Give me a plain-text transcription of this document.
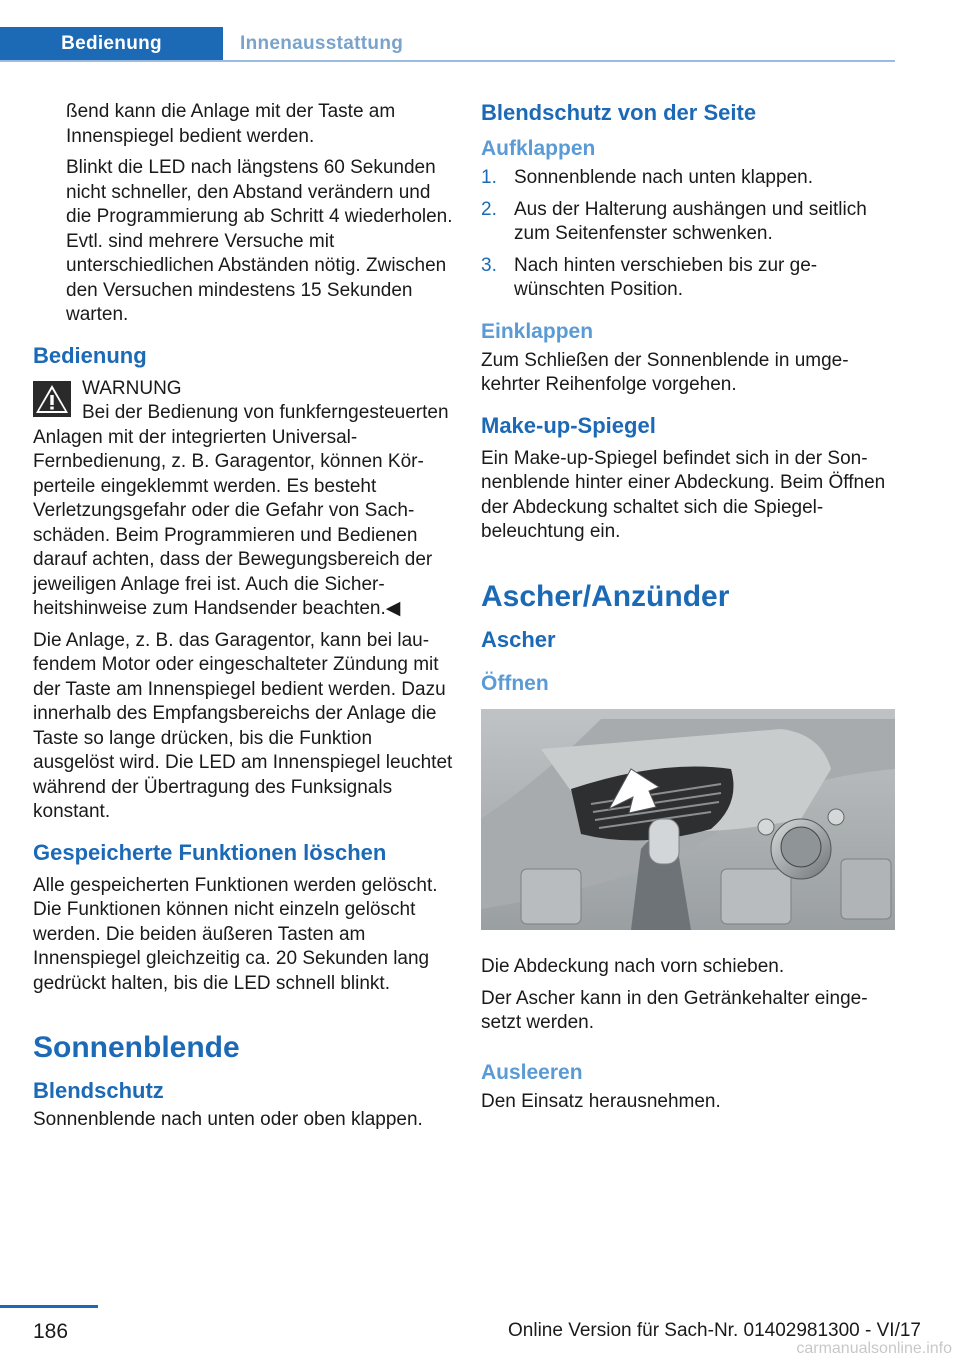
Bedienung	Innenausstattung

ßend kann die Anlage mit der Taste am Innenspiegel bedient werden.

Blinkt die LED nach längstens 60 Sekunden nicht schneller, den Abstand verändern und die Programmierung ab Schritt 4 wiederholen. Evtl. sind mehrere Versuche mit unterschiedlichen Abständen nötig. Zwischen den Versuchen mindestens 15 Sekunden warten.

Bedienung
WARNUNG

Bei der Bedienung von funkferngesteuerten Anlagen mit der integrierten Universal-Fernbedienung, z. B. Garagentor, können Körperteile eingeklemmt werden. Es besteht Verletzungsgefahr oder die Gefahr von Sachschäden. Beim Programmieren und Bedienen darauf achten, dass der Bewegungsbereich der jeweiligen Anlage frei ist. Auch die Sicherheitshinweise zum Handsender beachten.◀

Die Anlage, z. B. das Garagentor, kann bei laufendem Motor oder eingeschalteter Zündung mit der Taste am Innenspiegel bedient werden. Dazu innerhalb des Empfangsbereichs der Anlage die Taste so lange drücken, bis die Funktion ausgelöst wird. Die LED am Innenspiegel leuchtet während der Übertragung des Funksignals konstant.

Gespeicherte Funktionen löschen

Alle gespeicherten Funktionen werden gelöscht. Die Funktionen können nicht einzeln gelöscht werden. Die beiden äußeren Tasten am Innenspiegel gleichzeitig ca. 20 Sekunden lang gedrückt halten, bis die LED schnell blinkt.

Sonnenblende
Blendschutz

Sonnenblende nach unten oder oben klappen.

Blendschutz von der Seite
Aufklappen
1. Sonnenblende nach unten klappen.
2. Aus der Halterung aushängen und seitlich zum Seitenfenster schwenken.
3. Nach hinten verschieben bis zur gewünschten Position.
Einklappen

Zum Schließen der Sonnenblende in umgekehrter Reihenfolge vorgehen.

Make-up-Spiegel

Ein Make-up-Spiegel befindet sich in der Sonnenblende hinter einer Abdeckung. Beim Öffnen der Abdeckung schaltet sich die Spiegelbeleuchtung ein.

Ascher/Anzünder
Ascher
Öffnen

Die Abdeckung nach vorn schieben.

Der Ascher kann in den Getränkehalter eingesetzt werden.

Ausleeren

Den Einsatz herausnehmen.

186	Online Version für Sach-Nr. 01402981300 - VI/17
carmanualsonline.info
